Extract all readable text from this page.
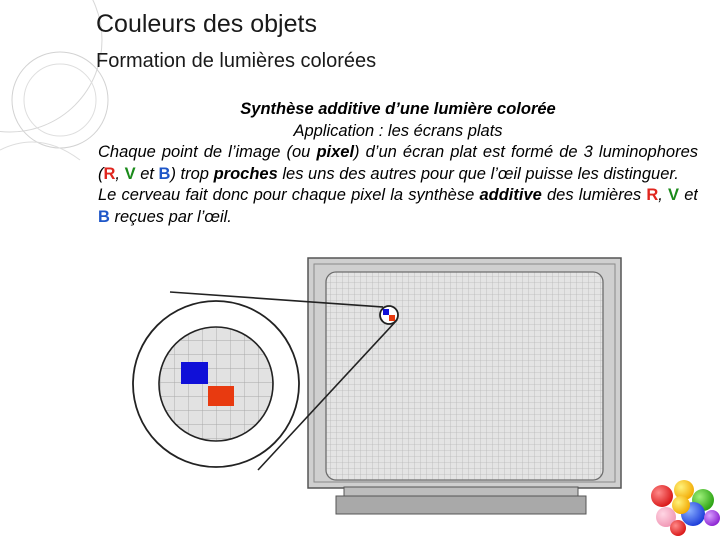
Couleurs des objets
Formation de lumières colorées
Synthèse additive d’une lumière colorée
Application : les écrans plats
Chaque point de l’image (ou pixel) d’un écran plat est formé de 3 luminophores (R, V et B) trop proches les uns des autres pour que l’œil puisse les distinguer.
Le cerveau fait donc pour chaque pixel la synthèse additive des lumières R, V et B reçues par l’œil.
